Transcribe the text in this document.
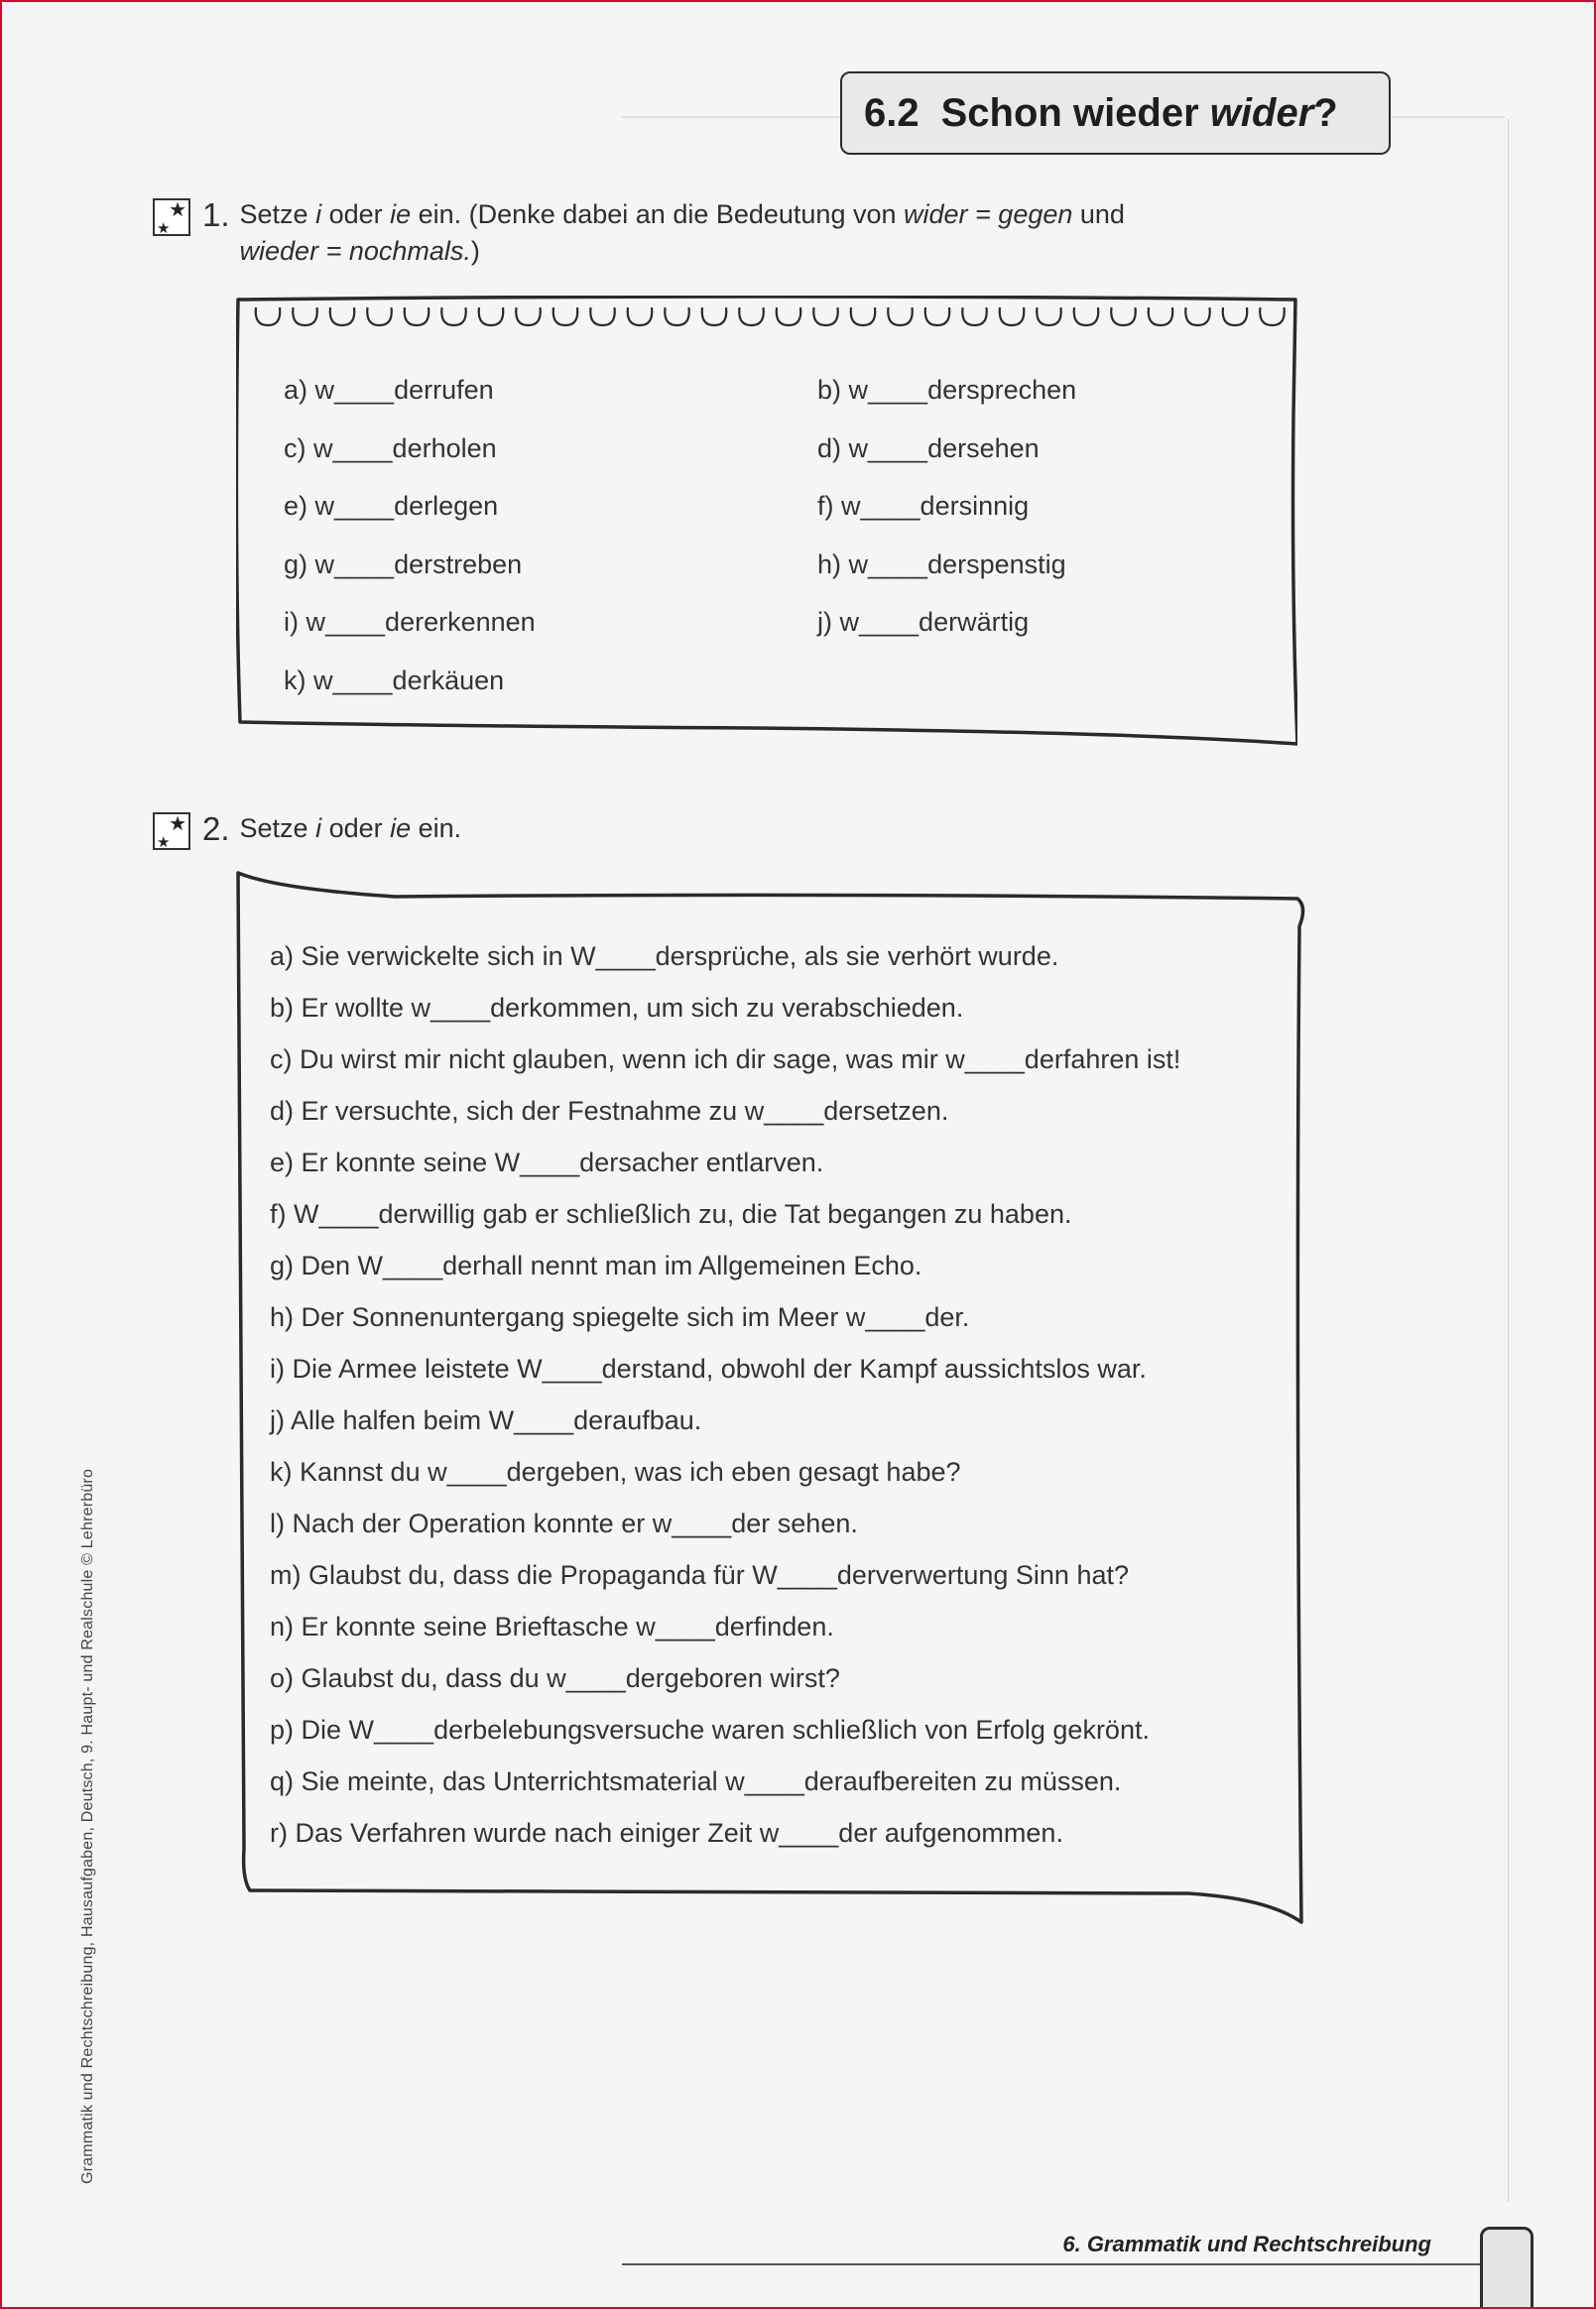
6.2 Schon wieder wider?
★ ★
1. Setze i oder ie ein. (Denke dabei an die Bedeutung von wider = gegen und
wieder = nochmals.)
a) w____derrufen	b) w____dersprechen
c) w____derholen	d) w____dersehen
e) w____derlegen	f) w____dersinnig
g) w____derstreben	h) w____derspenstig
i) w____dererkennen	j) w____derwärtig
k) w____derkäuen
★ ★
2. Setze i oder ie ein.
a) Sie verwickelte sich in W____dersprüche, als sie verhört wurde.
b) Er wollte w____derkommen, um sich zu verabschieden.
c) Du wirst mir nicht glauben, wenn ich dir sage, was mir w____derfahren ist!
d) Er versuchte, sich der Festnahme zu w____dersetzen.
e) Er konnte seine W____dersacher entlarven.
f) W____derwillig gab er schließlich zu, die Tat begangen zu haben.
g) Den W____derhall nennt man im Allgemeinen Echo.
h) Der Sonnenuntergang spiegelte sich im Meer w____der.
i) Die Armee leistete W____derstand, obwohl der Kampf aussichtslos war.
j) Alle halfen beim W____deraufbau.
k) Kannst du w____dergeben, was ich eben gesagt habe?
l) Nach der Operation konnte er w____der sehen.
m) Glaubst du, dass die Propaganda für W____derverwertung Sinn hat?
n) Er konnte seine Brieftasche w____derfinden.
o) Glaubst du, dass du w____dergeboren wirst?
p) Die W____derbelebungsversuche waren schließlich von Erfolg gekrönt.
q) Sie meinte, das Unterrichtsmaterial w____deraufbereiten zu müssen.
r) Das Verfahren wurde nach einiger Zeit w____der aufgenommen.
Grammatik und Rechtschreibung, Hausaufgaben, Deutsch, 9. Haupt- und Realschule © Lehrerbüro
6. Grammatik und Rechtschreibung
